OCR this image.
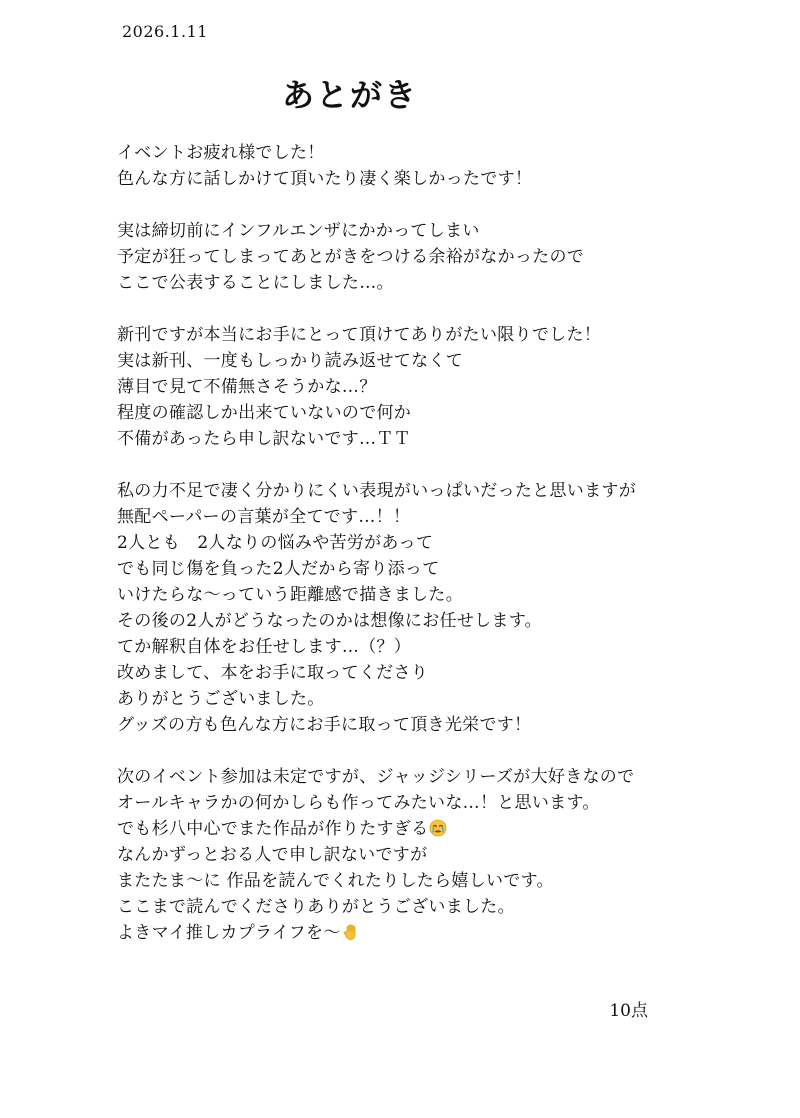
2026.1.11
あとがき
イベントお疲れ様でした！
色んな方に話しかけて頂いたり凄く楽しかったです！
実は締切前にインフルエンザにかかってしまい
予定が狂ってしまってあとがきをつける余裕がなかったので
ここで公表することにしました…。
新刊ですが本当にお手にとって頂けてありがたい限りでした！
実は新刊、一度もしっかり読み返せてなくて
薄目で見て不備無さそうかな…？
程度の確認しか出来ていないので何か
不備があったら申し訳ないです…ＴＴ
私の力不足で凄く分かりにくい表現がいっぱいだったと思いますが
無配ペーパーの言葉が全てです…！！
2人とも　2人なりの悩みや苦労があって
でも同じ傷を負った2人だから寄り添って
いけたらな〜っていう距離感で描きました。
その後の2人がどうなったのかは想像にお任せします。
てか解釈自体をお任せします…（？）
改めまして、本をお手に取ってくださり
ありがとうございました。
グッズの方も色んな方にお手に取って頂き光栄です！
次のイベント参加は未定ですが、ジャッジシリーズが大好きなので
オールキャラかの何かしらも作ってみたいな…！と思います。
でも杉八中心でまた作品が作りたすぎる
なんかずっとおる人で申し訳ないですが
またたま〜に 作品を読んでくれたりしたら嬉しいです。
ここまで読んでくださりありがとうございました。
よきマイ推しカプライフを〜
10点
